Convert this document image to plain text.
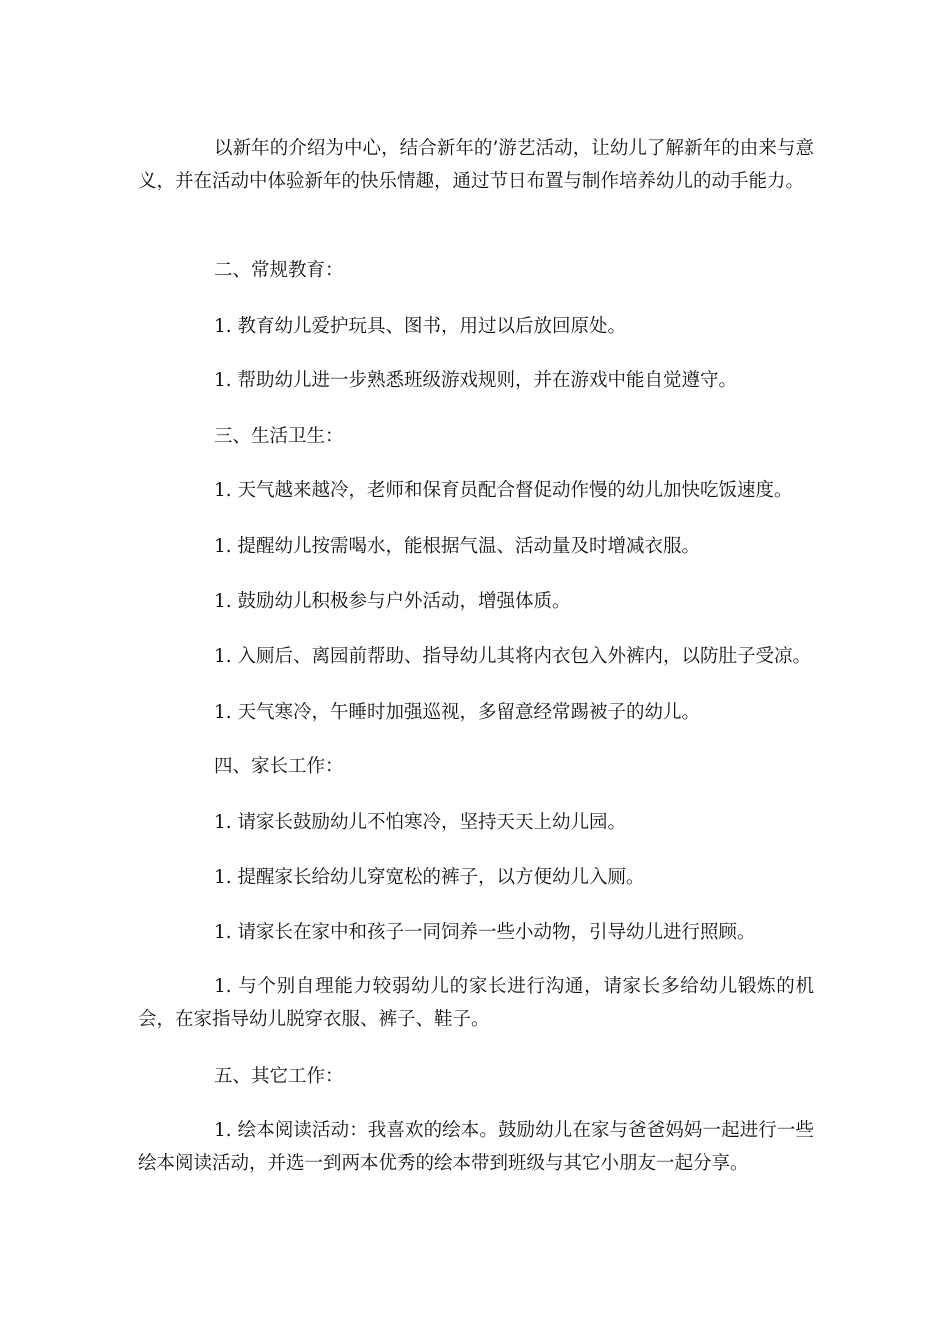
以新年的介绍为中心，结合新年的’游艺活动，让幼儿了解新年的由来与意义，并在活动中体验新年的快乐情趣，通过节日布置与制作培养幼儿的动手能力。

二、常规教育：

1. 教育幼儿爱护玩具、图书，用过以后放回原处。

1. 帮助幼儿进一步熟悉班级游戏规则，并在游戏中能自觉遵守。

三、生活卫生：

1. 天气越来越冷，老师和保育员配合督促动作慢的幼儿加快吃饭速度。

1. 提醒幼儿按需喝水，能根据气温、活动量及时增减衣服。

1. 鼓励幼儿积极参与户外活动，增强体质。

1. 入厕后、离园前帮助、指导幼儿其将内衣包入外裤内，以防肚子受凉。

1. 天气寒冷，午睡时加强巡视，多留意经常踢被子的幼儿。

四、家长工作：

1. 请家长鼓励幼儿不怕寒冷，坚持天天上幼儿园。

1. 提醒家长给幼儿穿宽松的裤子，以方便幼儿入厕。

1. 请家长在家中和孩子一同饲养一些小动物，引导幼儿进行照顾。

1. 与个别自理能力较弱幼儿的家长进行沟通，请家长多给幼儿锻炼的机会，在家指导幼儿脱穿衣服、裤子、鞋子。

五、其它工作：

1. 绘本阅读活动：我喜欢的绘本。鼓励幼儿在家与爸爸妈妈一起进行一些绘本阅读活动，并选一到两本优秀的绘本带到班级与其它小朋友一起分享。
